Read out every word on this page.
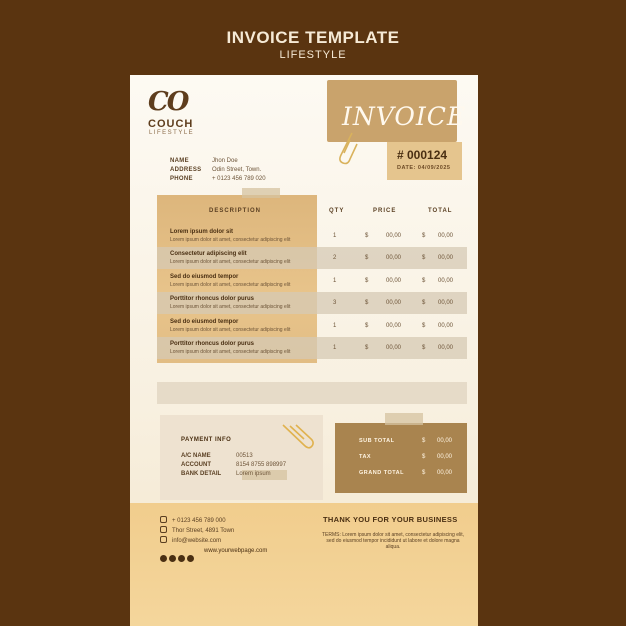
INVOICE TEMPLATE
LIFESTYLE
CO
COUCH
LIFESTYLE
INVOICE
# 000124
DATE: 04/09/2025
NAME	Jhon Doe
ADDRESS Odin Street, Town.
PHONE	+ 0123 456 789 020
DESCRIPTION	QTY	PRICE	TOTAL
Lorem ipsum dolor sit
Lorem ipsum dolor sit amet, consectetur adipiscing elit
1	$	00,00	$ 00,00
Consectetur adipiscing elit
Lorem ipsum dolor sit amet, consectetur adipiscing elit
2	$	00,00	$ 00,00
Sed do eiusmod tempor
Lorem ipsum dolor sit amet, consectetur adipiscing elit
1	$	00,00	$ 00,00
Porttitor rhoncus dolor purus
Lorem ipsum dolor sit amet, consectetur adipiscing elit
3	$	00,00	$ 00,00
Sed do eiusmod tempor
Lorem ipsum dolor sit amet, consectetur adipiscing elit
1	$	00,00	$ 00,00
Porttitor rhoncus dolor purus
Lorem ipsum dolor sit amet, consectetur adipiscing elit
1	$	00,00	$ 00,00
PAYMENT INFO
A/C NAME	00513
ACCOUNT	8154 8755 898997
BANK DETAIL Lorem ipsum
SUB TOTAL	$ 00,00
TAX	$ 00,00
GRAND TOTAL	$ 00,00
+ 0123 456 789 000
Thor Street, 4891 Town
info@website.com
www.yourwebpage.com
THANK YOU FOR YOUR BUSINESS
TERMS: Lorem ipsum dolor sit amet, consectetur adipiscing elit, sed do eiusmod tempor incididunt ut labore et dolore magna aliqua.
